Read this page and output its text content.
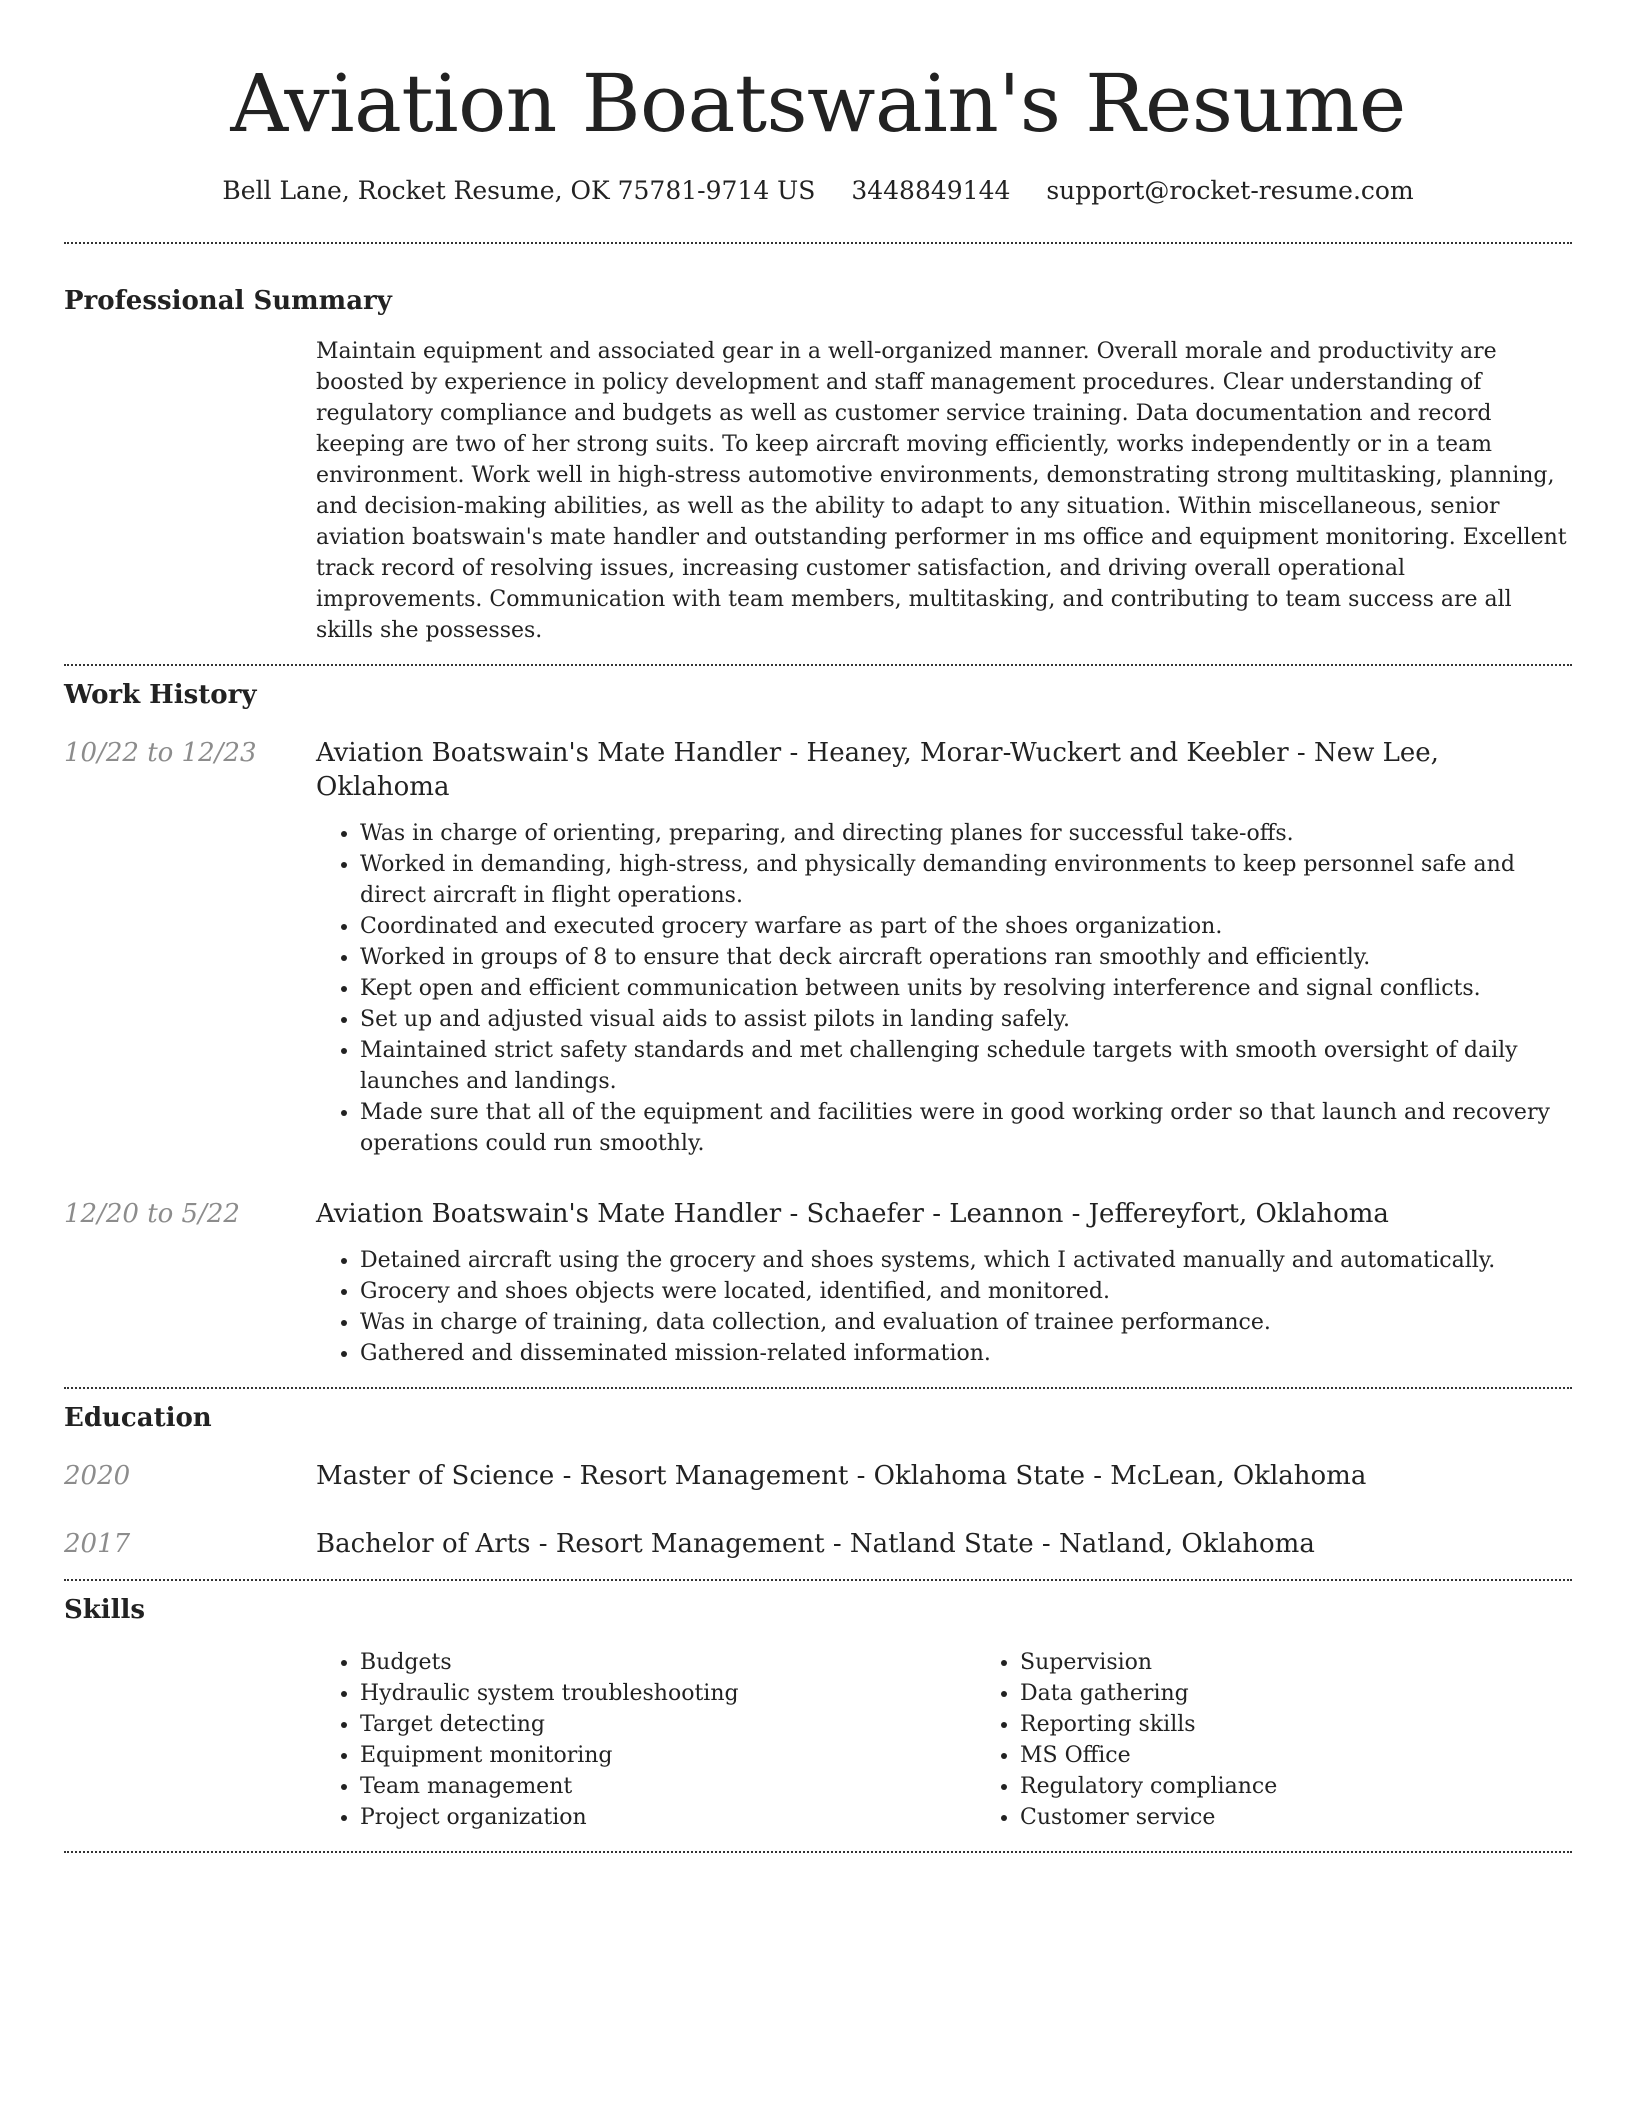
Aviation Boatswain's Resume
Bell Lane, Rocket Resume, OK 75781-9714 US 3448849144 support@rocket-resume.com
Professional Summary

Maintain equipment and associated gear in a well-organized manner. Overall morale and productivity are boosted by experience in policy development and staff management procedures. Clear understanding of regulatory compliance and budgets as well as customer service training. Data documentation and record keeping are two of her strong suits. To keep aircraft moving efficiently, works independently or in a team environment. Work well in high-stress automotive environments, demonstrating strong multitasking, planning, and decision-making abilities, as well as the ability to adapt to any situation. Within miscellaneous, senior aviation boatswain's mate handler and outstanding performer in ms office and equipment monitoring. Excellent track record of resolving issues, increasing customer satisfaction, and driving overall operational improvements. Communication with team members, multitasking, and contributing to team success are all skills she possesses.

Work History
10/22 to 12/23	Aviation Boatswain's Mate Handler - Heaney, Morar-Wuckert and Keebler - New Lee, Oklahoma

• Was in charge of orienting, preparing, and directing planes for successful take-offs.
• Worked in demanding, high-stress, and physically demanding environments to keep personnel safe and direct aircraft in flight operations.
• Coordinated and executed grocery warfare as part of the shoes organization.
• Worked in groups of 8 to ensure that deck aircraft operations ran smoothly and efficiently.
• Kept open and efficient communication between units by resolving interference and signal conflicts.
• Set up and adjusted visual aids to assist pilots in landing safely.
• Maintained strict safety standards and met challenging schedule targets with smooth oversight of daily launches and landings.
• Made sure that all of the equipment and facilities were in good working order so that launch and recovery operations could run smoothly.
12/20 to 5/22	Aviation Boatswain's Mate Handler - Schaefer - Leannon - Jeffereyfort, Oklahoma

• Detained aircraft using the grocery and shoes systems, which I activated manually and automatically.
• Grocery and shoes objects were located, identified, and monitored.
• Was in charge of training, data collection, and evaluation of trainee performance.
• Gathered and disseminated mission-related information.
Education
2020	Master of Science - Resort Management - Oklahoma State - McLean, Oklahoma

2017	Bachelor of Arts - Resort Management - Natland State - Natland, Oklahoma

Skills
• Budgets
• Hydraulic system troubleshooting
• Target detecting
• Equipment monitoring
• Team management
• Project organization
• Supervision
• Data gathering
• Reporting skills
• MS Office
• Regulatory compliance
• Customer service
